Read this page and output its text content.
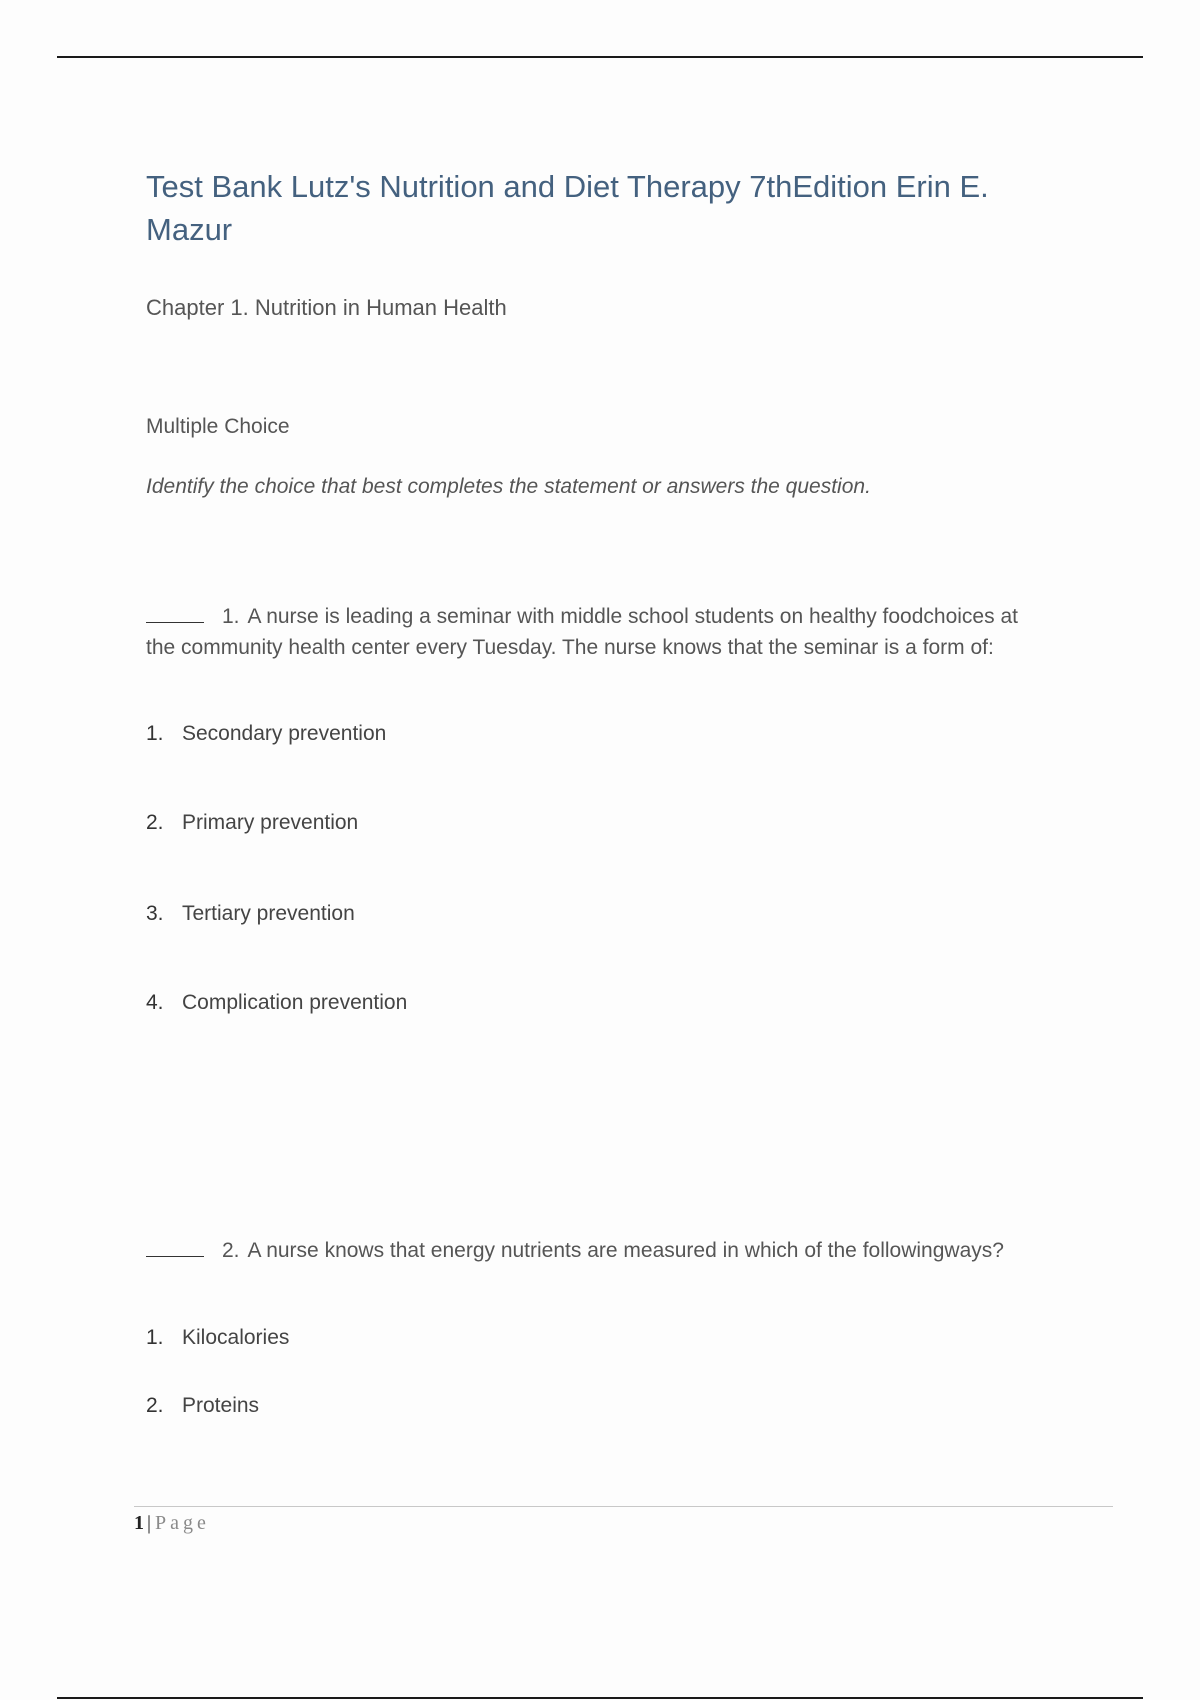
Test Bank Lutz's Nutrition and Diet Therapy 7thEdition Erin E. Mazur
Chapter 1. Nutrition in Human Health
Multiple Choice
Identify the choice that best completes the statement or answers the question.
1. A nurse is leading a seminar with middle school students on healthy foodchoices at the community health center every Tuesday. The nurse knows that the seminar is a form of:
1. Secondary prevention
2. Primary prevention
3. Tertiary prevention
4. Complication prevention
2. A nurse knows that energy nutrients are measured in which of the followingways?
1. Kilocalories
2. Proteins
1 | Page
